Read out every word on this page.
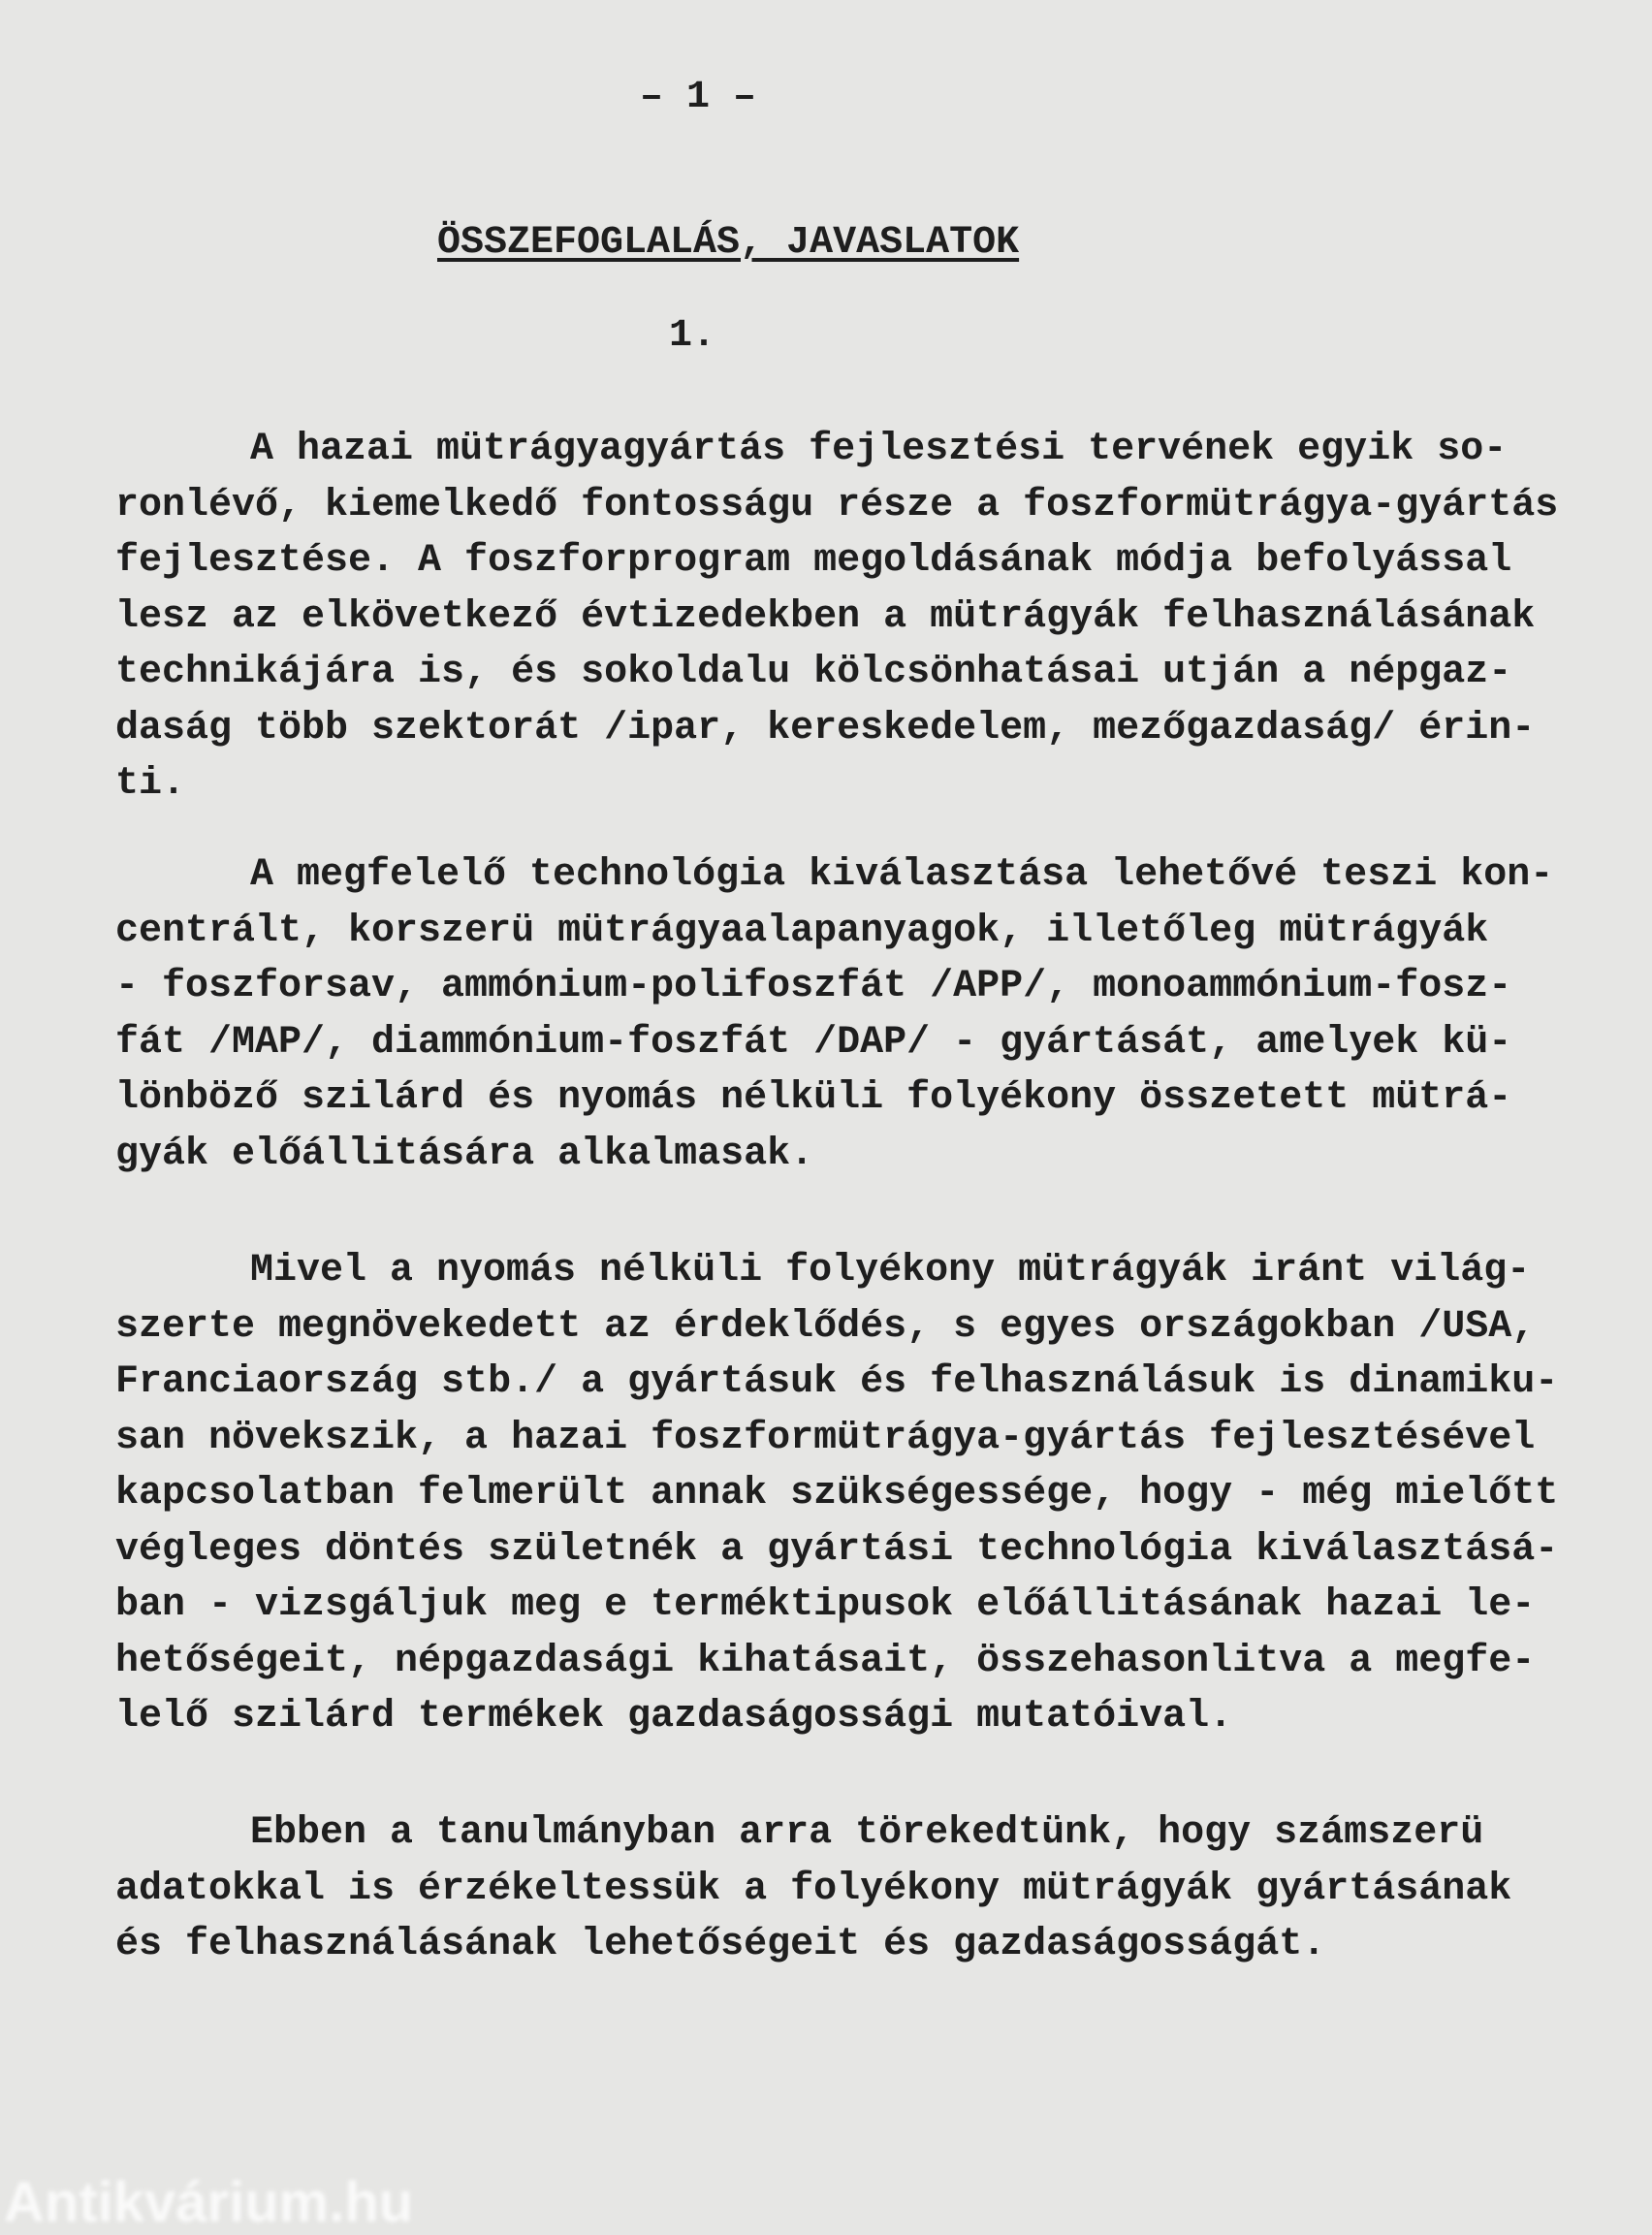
– 1 –
ÖSSZEFOGLALÁS, JAVASLATOK
1.
A hazai mütrágyagyártás fejlesztési tervének egyik so-
ronlévő, kiemelkedő fontosságu része a foszformütrágya-gyártás
fejlesztése. A foszforprogram megoldásának módja befolyással
lesz az elkövetkező évtizedekben a mütrágyák felhasználásának
technikájára is, és sokoldalu kölcsönhatásai utján a népgaz-
daság több szektorát /ipar, kereskedelem, mezőgazdaság/ érin-
ti.
A megfelelő technológia kiválasztása lehetővé teszi kon-
centrált, korszerü mütrágyaalapanyagok, illetőleg mütrágyák
- foszforsav, ammónium-polifoszfát /APP/, monoammónium-fosz-
fát /MAP/, diammónium-foszfát /DAP/ - gyártását, amelyek kü-
lönböző szilárd és nyomás nélküli folyékony összetett mütrá-
gyák előállitására alkalmasak.
Mivel a nyomás nélküli folyékony mütrágyák iránt világ-
szerte megnövekedett az érdeklődés, s egyes országokban /USA,
Franciaország stb./ a gyártásuk és felhasználásuk is dinamiku-
san növekszik, a hazai foszformütrágya-gyártás fejlesztésével
kapcsolatban felmerült annak szükségessége, hogy - még mielőtt
végleges döntés születnék a gyártási technológia kiválasztásá-
ban - vizsgáljuk meg e terméktipusok előállitásának hazai le-
hetőségeit, népgazdasági kihatásait, összehasonlitva a megfe-
lelő szilárd termékek gazdaságossági mutatóival.
Ebben a tanulmányban arra törekedtünk, hogy számszerü
adatokkal is érzékeltessük a folyékony mütrágyák gyártásának
és felhasználásának lehetőségeit és gazdaságosságát.
Antikvárium.hu
